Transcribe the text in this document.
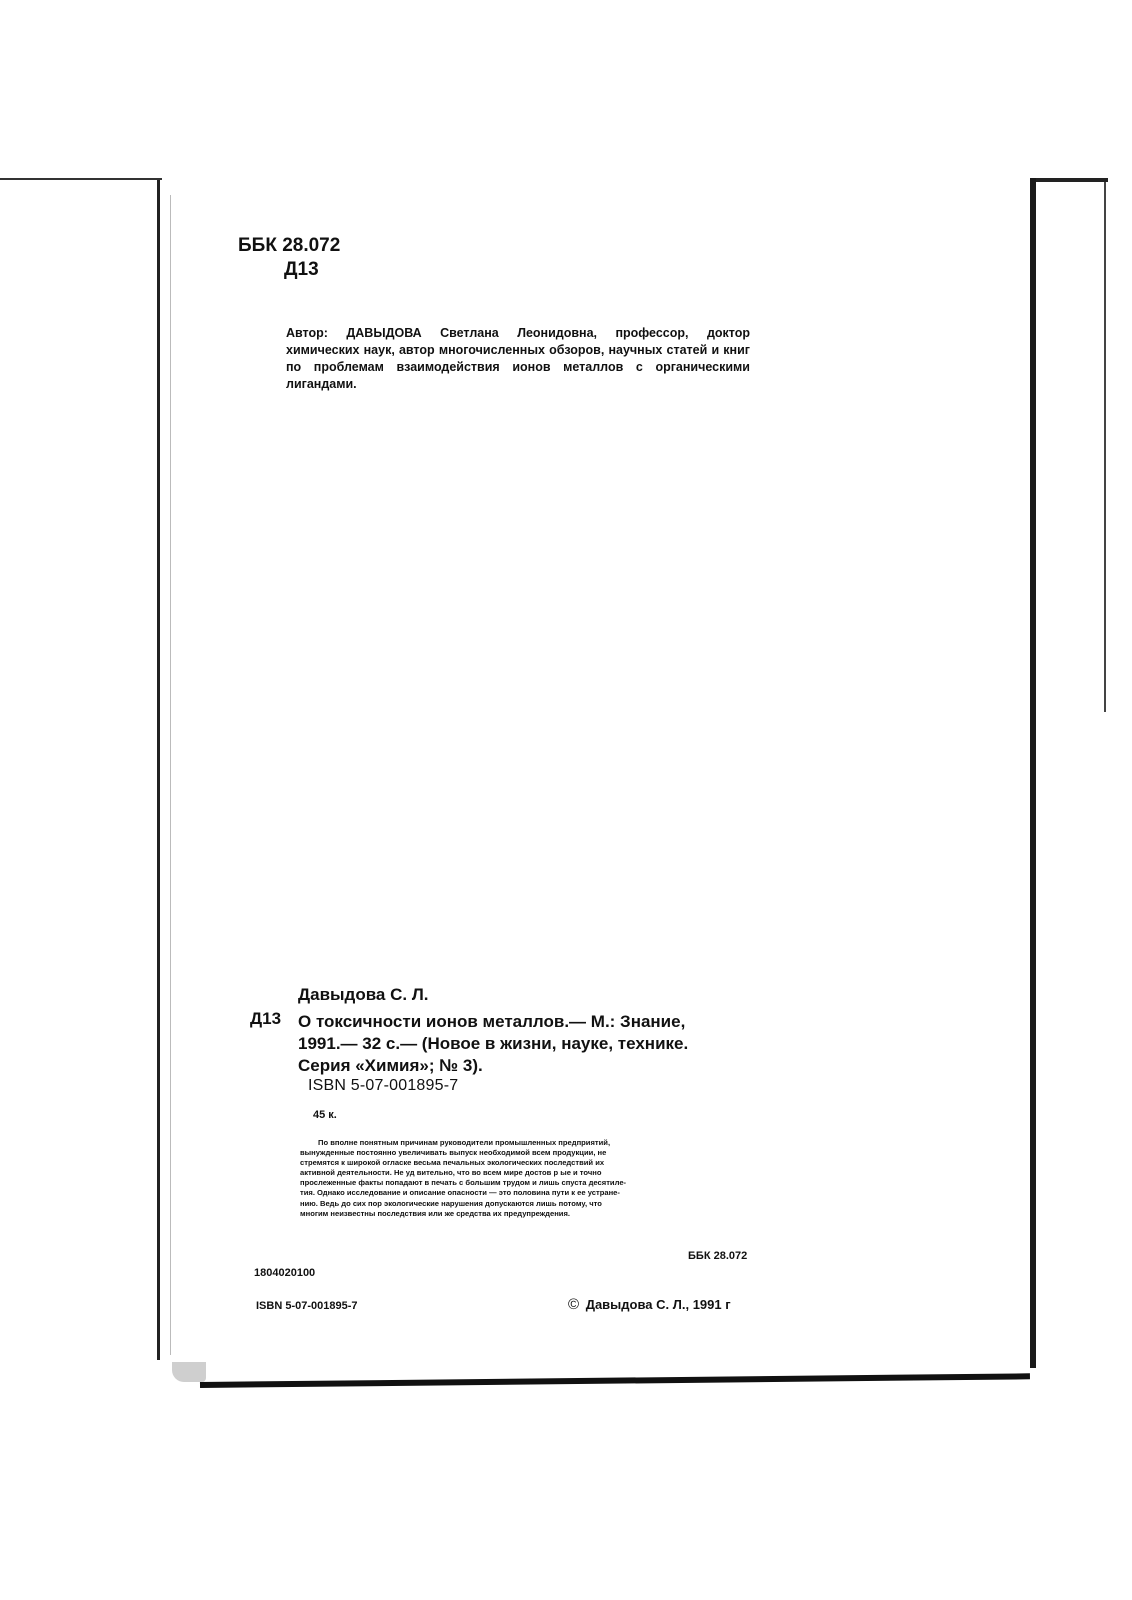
ББК 28.072
Д13
Автор: ДАВЫДОВА Светлана Леонидовна, профессор, доктор химических наук, автор многочисленных обзоров, научных статей и книг по проблемам взаимодействия ионов металлов с органическими лигандами.
Давыдова С. Л.
Д13 О токсичности ионов металлов.— М.: Знание,
1991.— 32 с.— (Новое в жизни, науке, технике.
Серия «Химия»; № 3).
ISBN 5-07-001895-7
45 к.
По вполне понятным причинам руководители промышленных предприятий,
вынужденные постоянно увеличивать выпуск необходимой всем продукции, не
стремятся к широкой огласке весьма печальных экологических последствий их
активной деятельности. Не уд вительно, что во всем мире достов р ые и точно
прослеженные факты попадают в печать с большим трудом и лишь спуста десятиле-
тия. Однако исследование и описание опасности — это половина пути к ее устране-
нию. Ведь до сих пор экологические нарушения допускаются лишь потому, что
многим неизвестны последствия или же средства их предупреждения.
ББК 28.072
1804020100
ISBN 5-07-001895-7	© Давыдова С. Л., 1991 г
